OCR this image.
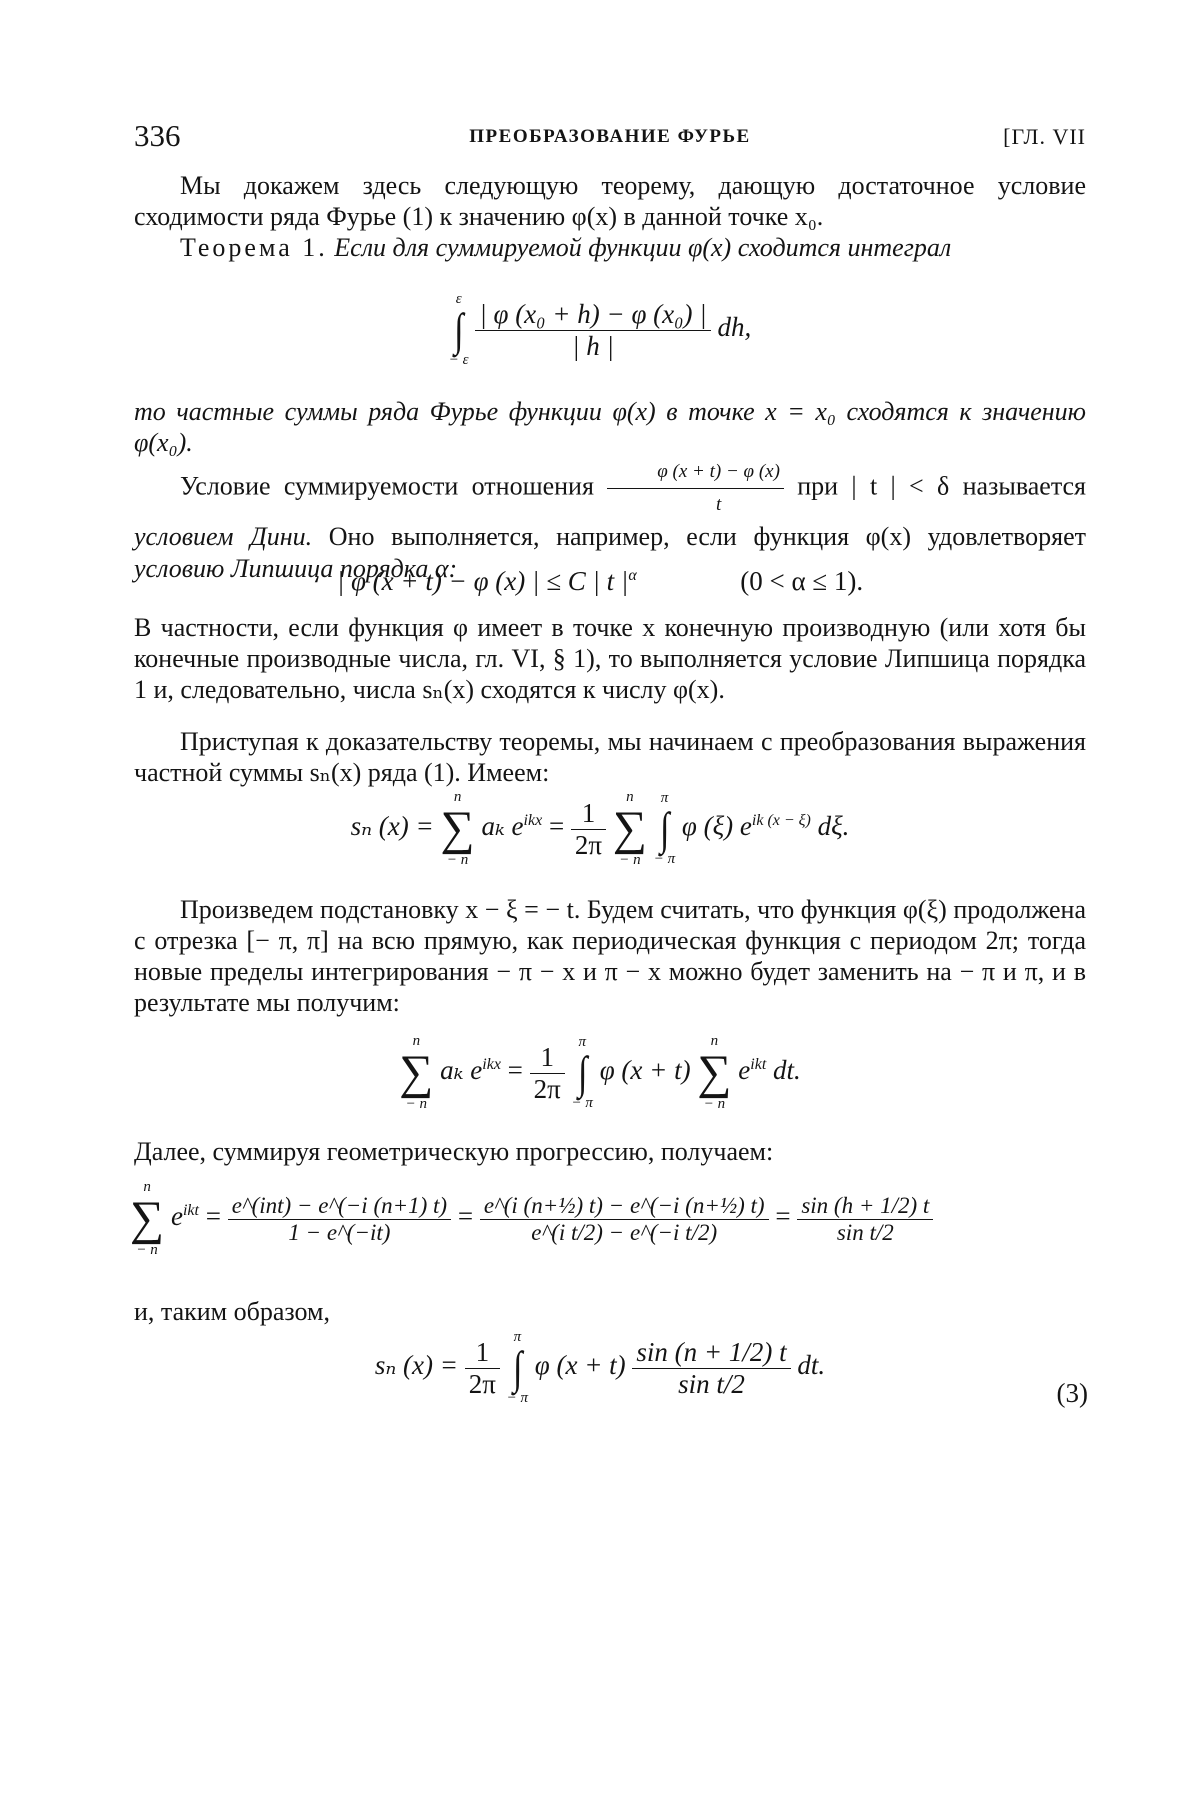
336	ПРЕОБРАЗОВАНИЕ ФУРЬЕ	[ГЛ. VII

Мы докажем здесь следующую теорему, дающую достаточное условие сходимости ряда Фурье (1) к значению φ(x) в данной точке x₀.

Теорема 1. Если для суммируемой функции φ(x) сходится интеграл

ε
∫
− ε
$\frac{\text{| φ (x₀ + h) − φ (x₀) |}}{| h |}$ dh,

то частные суммы ряда Фурье функции φ(x) в точке x = x₀ сходятся к значению φ(x₀).

Условие суммируемости отношения $\frac{\varphi (x + t) - \varphi (x)}{t}$ при | t | < δ называется условием Дини. Оно выполняется, например, если функция φ(x) удовлетворяет условию Липшица порядка α:

| φ (x + t) − φ (x) | ≤ C | t $|^\alpha$	(0 < α ≤ 1).

В частности, если функция φ имеет в точке x конечную производную (или хотя бы конечные производные числа, гл. VI, § 1), то выполняется условие Липшица порядка 1 и, следовательно, числа sₙ(x) сходятся к числу φ(x).

Приступая к доказательству теоремы, мы начинаем с преобразования выражения частной суммы sₙ(x) ряда (1). Имеем:

sₙ (x) =
n
∑
− n
aₖ $e^{ikx} = \frac{1}{2\pi}$

n
∑
− n

π
∫
− π
φ (ξ) $e^{ik (x - \xi)}$ dξ.

Произведем подстановку x − ξ = − t. Будем считать, что функция φ(ξ) продолжена с отрезка [− π, π] на всю прямую, как периодическая функция с периодом 2π; тогда новые пределы интегрирования − π − x и π − x можно будет заменить на − π и π, и в результате мы получим:

n
∑
− n
aₖ $e^{ikx} = \frac{1}{2\pi}$
π
∫
− π
φ (x + t)
n
∑
− n
$e^{ikt}$ dt.

Далее, суммируя геометрическую прогрессию, получаем:

n
∑
− n
$e^{ikt} = \frac{\text{e\textasciicircum{}(int) − e\textasciicircum{}(−i (n+1) t)}}{1 - e\^{}(-it)} = \frac{\text{e\textasciicircum{}(i (n+½) t) − e\textasciicircum{}(−i (n+½) t)}}{\text{e\textasciicircum{}(i t/2) − e\textasciicircum{}(−i t/2)}} = \frac{\sin (h + 1/2) t}{\text{sin t/2}}$

и, таким образом,

sₙ $(x) = \frac{1}{2\pi}$
π
∫
− π
φ $(x + t) \frac{\sin (n + 1/2) t}{\text{sin t/2}}$ dt.
(3)
